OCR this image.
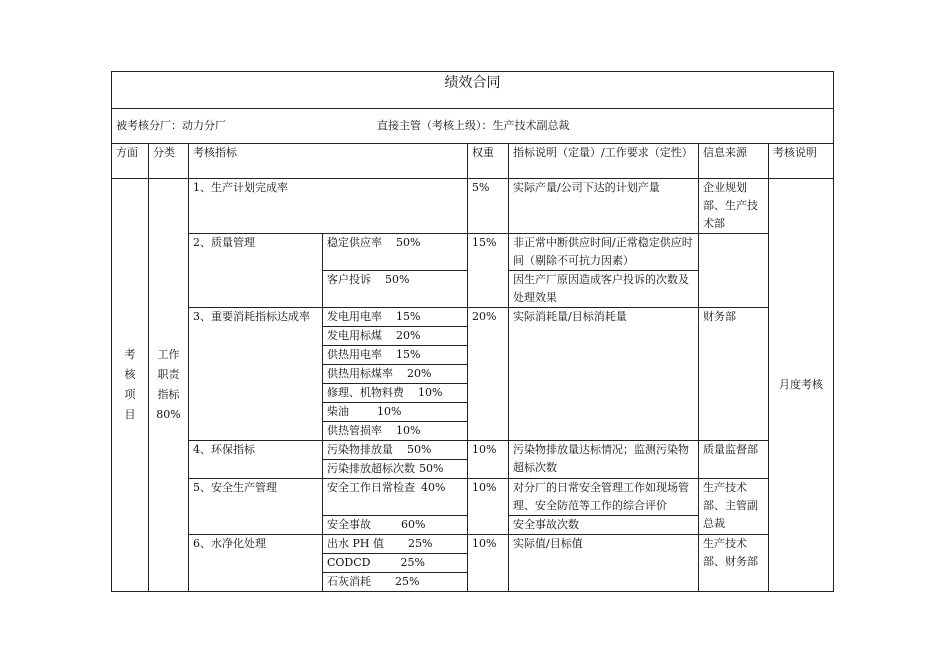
绩效合同							
被考核分厂：动力分厂 直接主管（考核上级）：生产技术副总裁							

方面	分类	考核指标		权重	指标说明（定量）/工作要求（定性）	信息来源	考核说明

考核项目	工作职责指标80%	1、生产计划完成率		5%	实际产量/公司下达的计划产量	企业规划部、生产技术部	月度考核
		2、质量管理	稳定供应率 50%	15%	非正常中断供应时间/正常稳定供应时间（剔除不可抗力因素）		
			客户投诉 50%		因生产厂原因造成客户投诉的次数及处理效果		
		3、重要消耗指标达成率	发电用电率 15%	20%	实际消耗量/目标消耗量	财务部	
			发电用标煤 20%				
			供热用电率 15%				
			供热用标煤率 20%				
			修理、机物料费 10%				
			柴油 10%				
			供热管损率 10%				
		4、环保指标	污染物排放量 50%	10%	污染物排放量达标情况；监测污染物超标次数	质量监督部	
			污染排放超标次数 50%				
		5、安全生产管理	安全工作日常检查 40%	10%	对分厂的日常安全管理工作如现场管理、安全防范等工作的综合评价	生产技术部、主管副总裁	
			安全事故 60%		安全事故次数		
		6、水净化处理	出水 PH 值 25%	10%	实际值/目标值	生产技术部、财务部	
			CODCD 25%				
			石灰消耗 25%				
